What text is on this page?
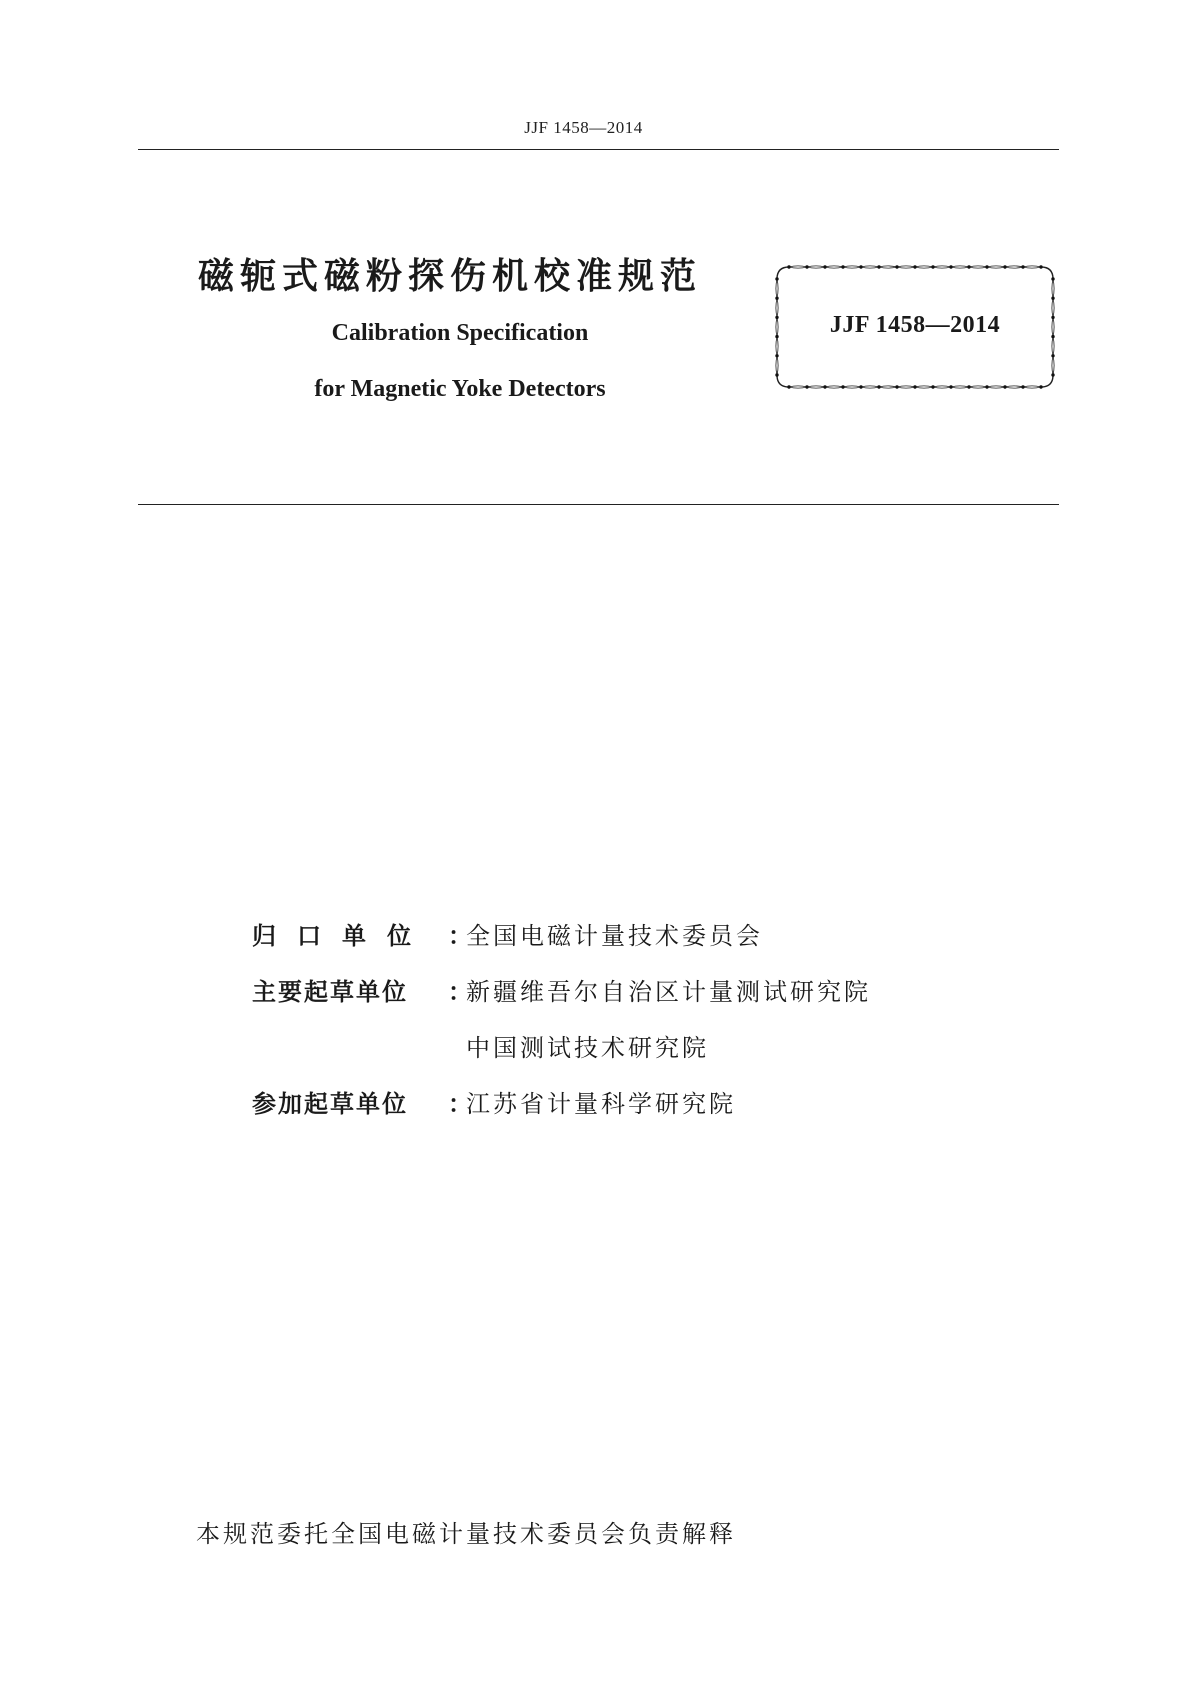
JJF 1458—2014
磁轭式磁粉探伤机校准规范
Calibration Specification
for Magnetic Yoke Detectors
JJF 1458—2014
归口单位 ：
全国电磁计量技术委员会
主要起草单位	：
新疆维吾尔自治区计量测试研究院
中国测试技术研究院
参加起草单位	：
江苏省计量科学研究院
本规范委托全国电磁计量技术委员会负责解释
